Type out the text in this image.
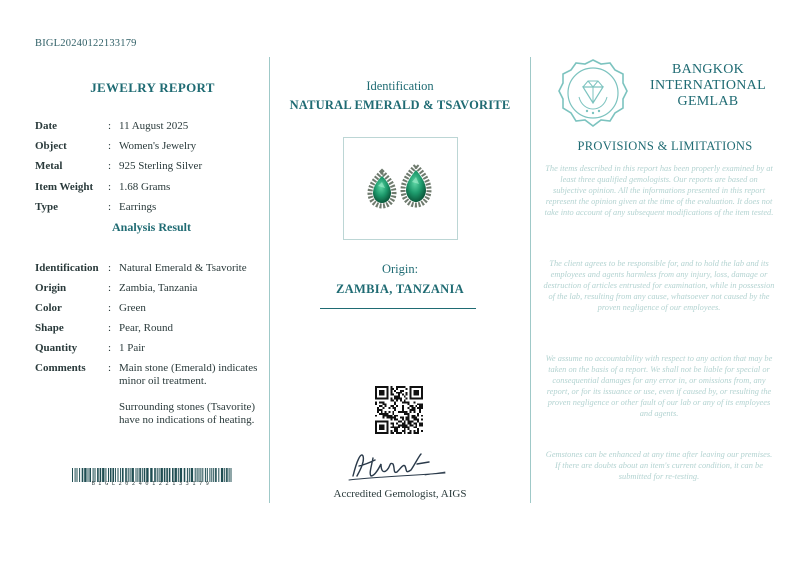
BIGL20240122133179
JEWELRY REPORT
Date	: 11 August 2025
Object	: Women's Jewelry
Metal	: 925 Sterling Silver
Item Weight : 1.68 Grams
Type	: Earrings
Analysis Result
Identification : Natural Emerald & Tsavorite
Origin	: Zambia, Tanzania
Color	: Green
Shape	: Pear, Round
Quantity	: 1 Pair
Comments : Main stone (Emerald) indicates minor oil treatment.
Surrounding stones (Tsavorite) have no indications of heating.
BIGL20240122133179
Identification
NATURAL EMERALD & TSAVORITE
Origin:
ZAMBIA, TANZANIA
Accredited Gemologist, AIGS
BANGKOK
INTERNATIONAL
GEMLAB
PROVISIONS & LIMITATIONS
The items described in this report has been properly examined by at least three qualified gemologists. Our reports are based on subjective opinion. All the informations presented in this report represent the opinion given at the time of the evaluation. It does not take into account of any subsequent modifications of the item tested.
The client agrees to be responsible for, and to hold the lab and its employees and agents harmless from any injury, loss, damage or destruction of articles entrusted for examination, while in possession of the lab, resulting from any cause, whatsoever not caused by the proven negligence of our employees.
We assume no accountability with respect to any action that may be taken on the basis of a report. We shall not be liable for special or consequential damages for any error in, or omissions from, any report, or for its issuance or use, even if caused by, or resulting the proven negligence or other fault of our lab or any of its employees and agents.
Gemstones can be enhanced at any time after leaving our premises. If there are doubts about an item's current condition, it can be submitted for re-testing.
